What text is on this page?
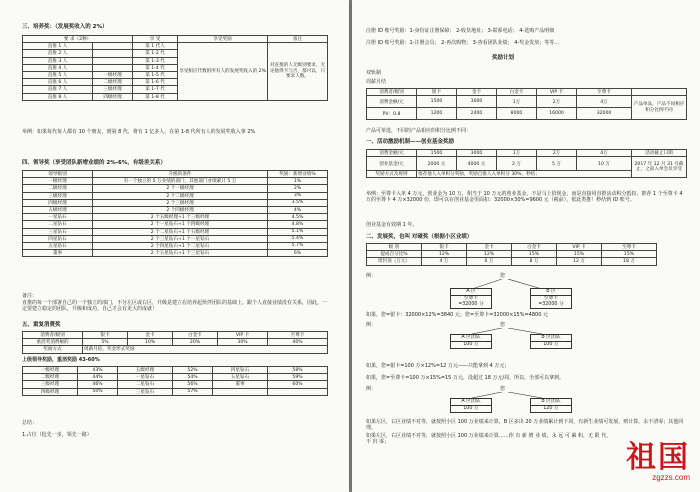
三、培养奖：（发展奖收入的 2%）
要 求（2种）		享 受	享受奖励	备注
直推 1 人		第 1 代人	享受相应代数的所有人的发展奖收入的 2%	对直推的人无级别要求，无论他得卡与否，都可以，只要求人数。
直推 2 人		第 1-2 代		
直推 3 人		第 1-3 代		
直推 4 人		第 1-4 代		
直推 5 人	一级经理	第 1-5 代		
直推 6 人	二级经理	第 1-6 代		
直推 7 人	三级经理	第 1-7 代		
直推 8 人	四级经理	第 1-8 代		
举例：如果每代每人都有 10 个朋友，到第 8 代，将有 1 亿多人，在第 1-8 代所有人的发展奖收入拿 2%
四、领导奖（享受团队新增业绩的 2%-6%，有级差关系）
领导级别	升级的条件	奖励：新增业绩%
一级经理	有一个独立的 5 万业绩的部门，其他部门业绩累计 5 万	1%
二级经理	2 个一级经理	2%
三级经理	2 个二级经理	3%
四级经理	2 个三级经理	3.5%
五级经理	2 个四级经理	4%
一星钻石	2 个五级经理+1 个三级经理	4.5%
二星钻石	2 个一星钻石+1 个四级经理	4.8%
三星钻石	2 个二星钻石+1 个五级经理	5.1%
四星钻石	2 个三星钻石+1 个一星钻石	5.4%
五星钻石	2 个四星钻石+1 个二星钻石	5.7%
董事	2 个五星钻石+1 个三星钻石	6%
备注：
直推的每一个部署自己的一个独立的部门，不分左区或右区，升级是建立在培养起伙伴团队的基础上，跟个人直接业绩没有关系，因此，一定要建立稳定的团队，升级和成功，自己才会有更大的成就！
五、重复消费奖
消费者/级别	银卡	金卡	白金卡	VIP 卡	至尊卡
重消奖消费额的	5%	10%	20%	30%	40%
奖励方式	周薪月结，奖金形式奖励				
上级领导奖励，重消奖励 43-60%
一级经理	43%	五级经理	52%	四星钻石	58%
二级经理	44%	一星钻石	54%	五星钻石	59%
三级经理	46%	二星钻石	56%	董事	60%
四级经理	50%	三星钻石	57%		
总结：
1.占位（抢先一步，领先一路）
注册 ID 账号奖励：1-身份证注册保障； 2-收货地址； 3-联系电话； 4-选购产品明细
注册 ID 账号奖励：1-注册会员； 2-再次购物； 3-查看团队业绩； 4-奖金发放；等等…
奖励计划
双轨制
周薪月结
消费者/级别	银卡	金卡	白金卡	VIP 卡	至尊卡	
消费金额/元	1500	3000	1万	2万	4万	产品单品，产品不同相应积分比例不同
PV：0.8	1200	2400	8000	16000	32000	
产品可单选，不同的产品相应的积分比例不同：
一、活动激励机制——创业基金奖励
消费金额/元	1500	3000	1万	2万	4万	活动截止日期
创业基金/元	2000 元	4000 元	2 万	5 万	10 万	2017 年 12 月 31 号截止，之前入单会员享受
奖励方式及规则	推荐他人入单积分奖励，奖励自推人入单积分 30%，秒结；					
举例：至尊卡入单 4 万元，创业金为 10 万，相当于 10 万元的创业基金，不是马上拾现金，而是直接用直推活动积分抵扣，推荐 1 个至尊卡 4 万的至尊卡 4 万×32000 份，即可以在创业基金里面扣：32000×30%=9600 元（税前），依此类推！秒结到 ID 账号。
创业基金有效期 1 年。
二、发展奖，也叫 对碰奖（根据小区业绩）
级 别	银卡	金卡	白金卡	VIP 卡	至尊卡
提成百分比%	12%	12%	15%	15%	15%
周封顶（万元）	4 万	6 万	8 万	12 万	18 万
例：	您
A 区
至尊卡
=32000 分
B 区
至尊卡
=32000 分
如果，您=银卡：32000×12%=3840 元；您=至尊卡=32000×15%=4800 元
例：	您
A 区团队
100 万
B 区团队
100 万
如果，您=银卡=100 万×12%=12 万元——只能拿到 4 万元；
如果，您=至尊卡=100 万×15%=15 万元，没超过 18 万元/周，所以，全部可以拿到。
例：	您
A 区团队
100 万
B 区团队
120 万
如果左区，右区业绩不对等，就按照小区 100 万业绩来计算，B 区多出 20 万业绩累计到下周，有新生业绩可发展，则计算，永不清零；其他同理。
如果左区，右区业绩不对等，就按照小区 100 万业绩来计算……你 有 新 增 业 绩，永 远 可 累 积，无 限 代，不 归 零；	祖国
zgzzs.com
